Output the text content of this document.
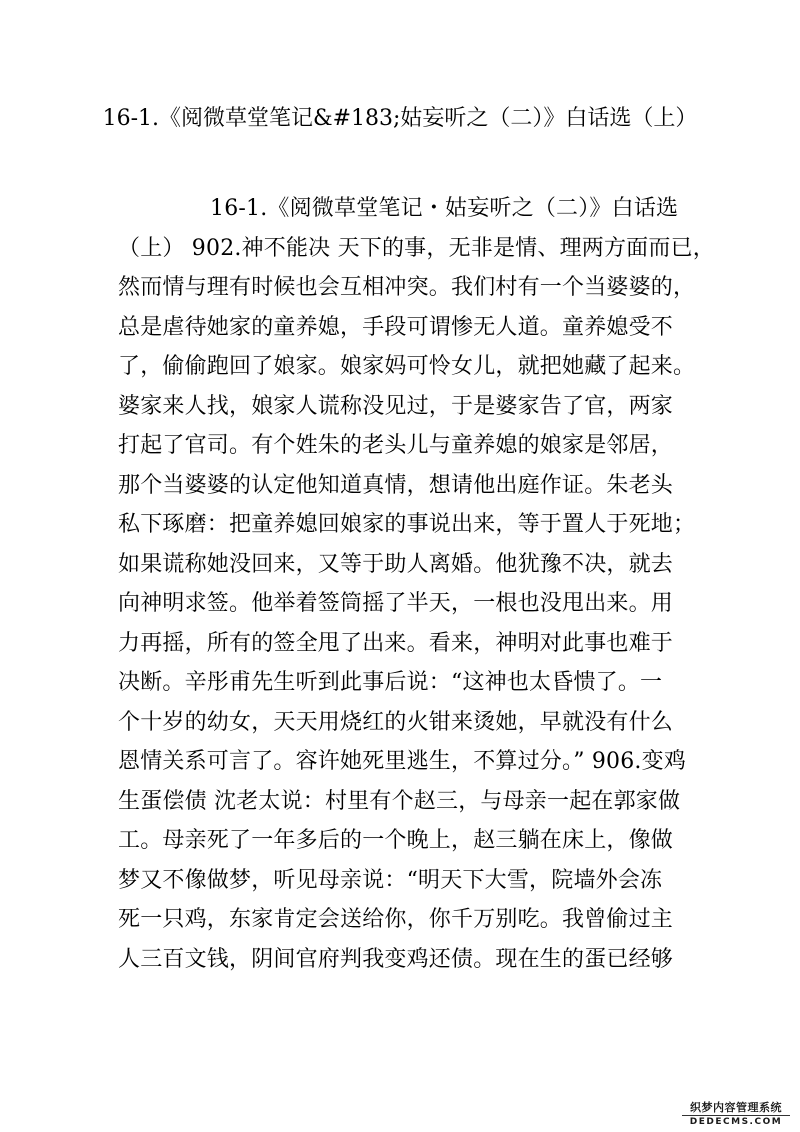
16-1.《阅微草堂笔记&#183;姑妄听之（二）》白话选（上）
16-1.《阅微草堂笔记・姑妄听之（二）》白话选
（上） 902.神不能决 天下的事，无非是情、理两方面而已，
然而情与理有时候也会互相冲突。我们村有一个当婆婆的，
总是虐待她家的童养媳，手段可谓惨无人道。童养媳受不
了，偷偷跑回了娘家。娘家妈可怜女儿，就把她藏了起来。
婆家来人找，娘家人谎称没见过，于是婆家告了官，两家
打起了官司。有个姓朱的老头儿与童养媳的娘家是邻居，
那个当婆婆的认定他知道真情，想请他出庭作证。朱老头
私下琢磨：把童养媳回娘家的事说出来，等于置人于死地；
如果谎称她没回来，又等于助人离婚。他犹豫不决，就去
向神明求签。他举着签筒摇了半天，一根也没甩出来。用
力再摇，所有的签全甩了出来。看来，神明对此事也难于
决断。辛彤甫先生听到此事后说：“这神也太昏愦了。一
个十岁的幼女，天天用烧红的火钳来烫她，早就没有什么
恩情关系可言了。容许她死里逃生，不算过分。” 906.变鸡
生蛋偿债 沈老太说：村里有个赵三，与母亲一起在郭家做
工。母亲死了一年多后的一个晚上，赵三躺在床上，像做
梦又不像做梦，听见母亲说：“明天下大雪，院墙外会冻
死一只鸡，东家肯定会送给你，你千万别吃。我曾偷过主
人三百文钱，阴间官府判我变鸡还债。现在生的蛋已经够
织梦内容管理系统
DEDECMS.COM
